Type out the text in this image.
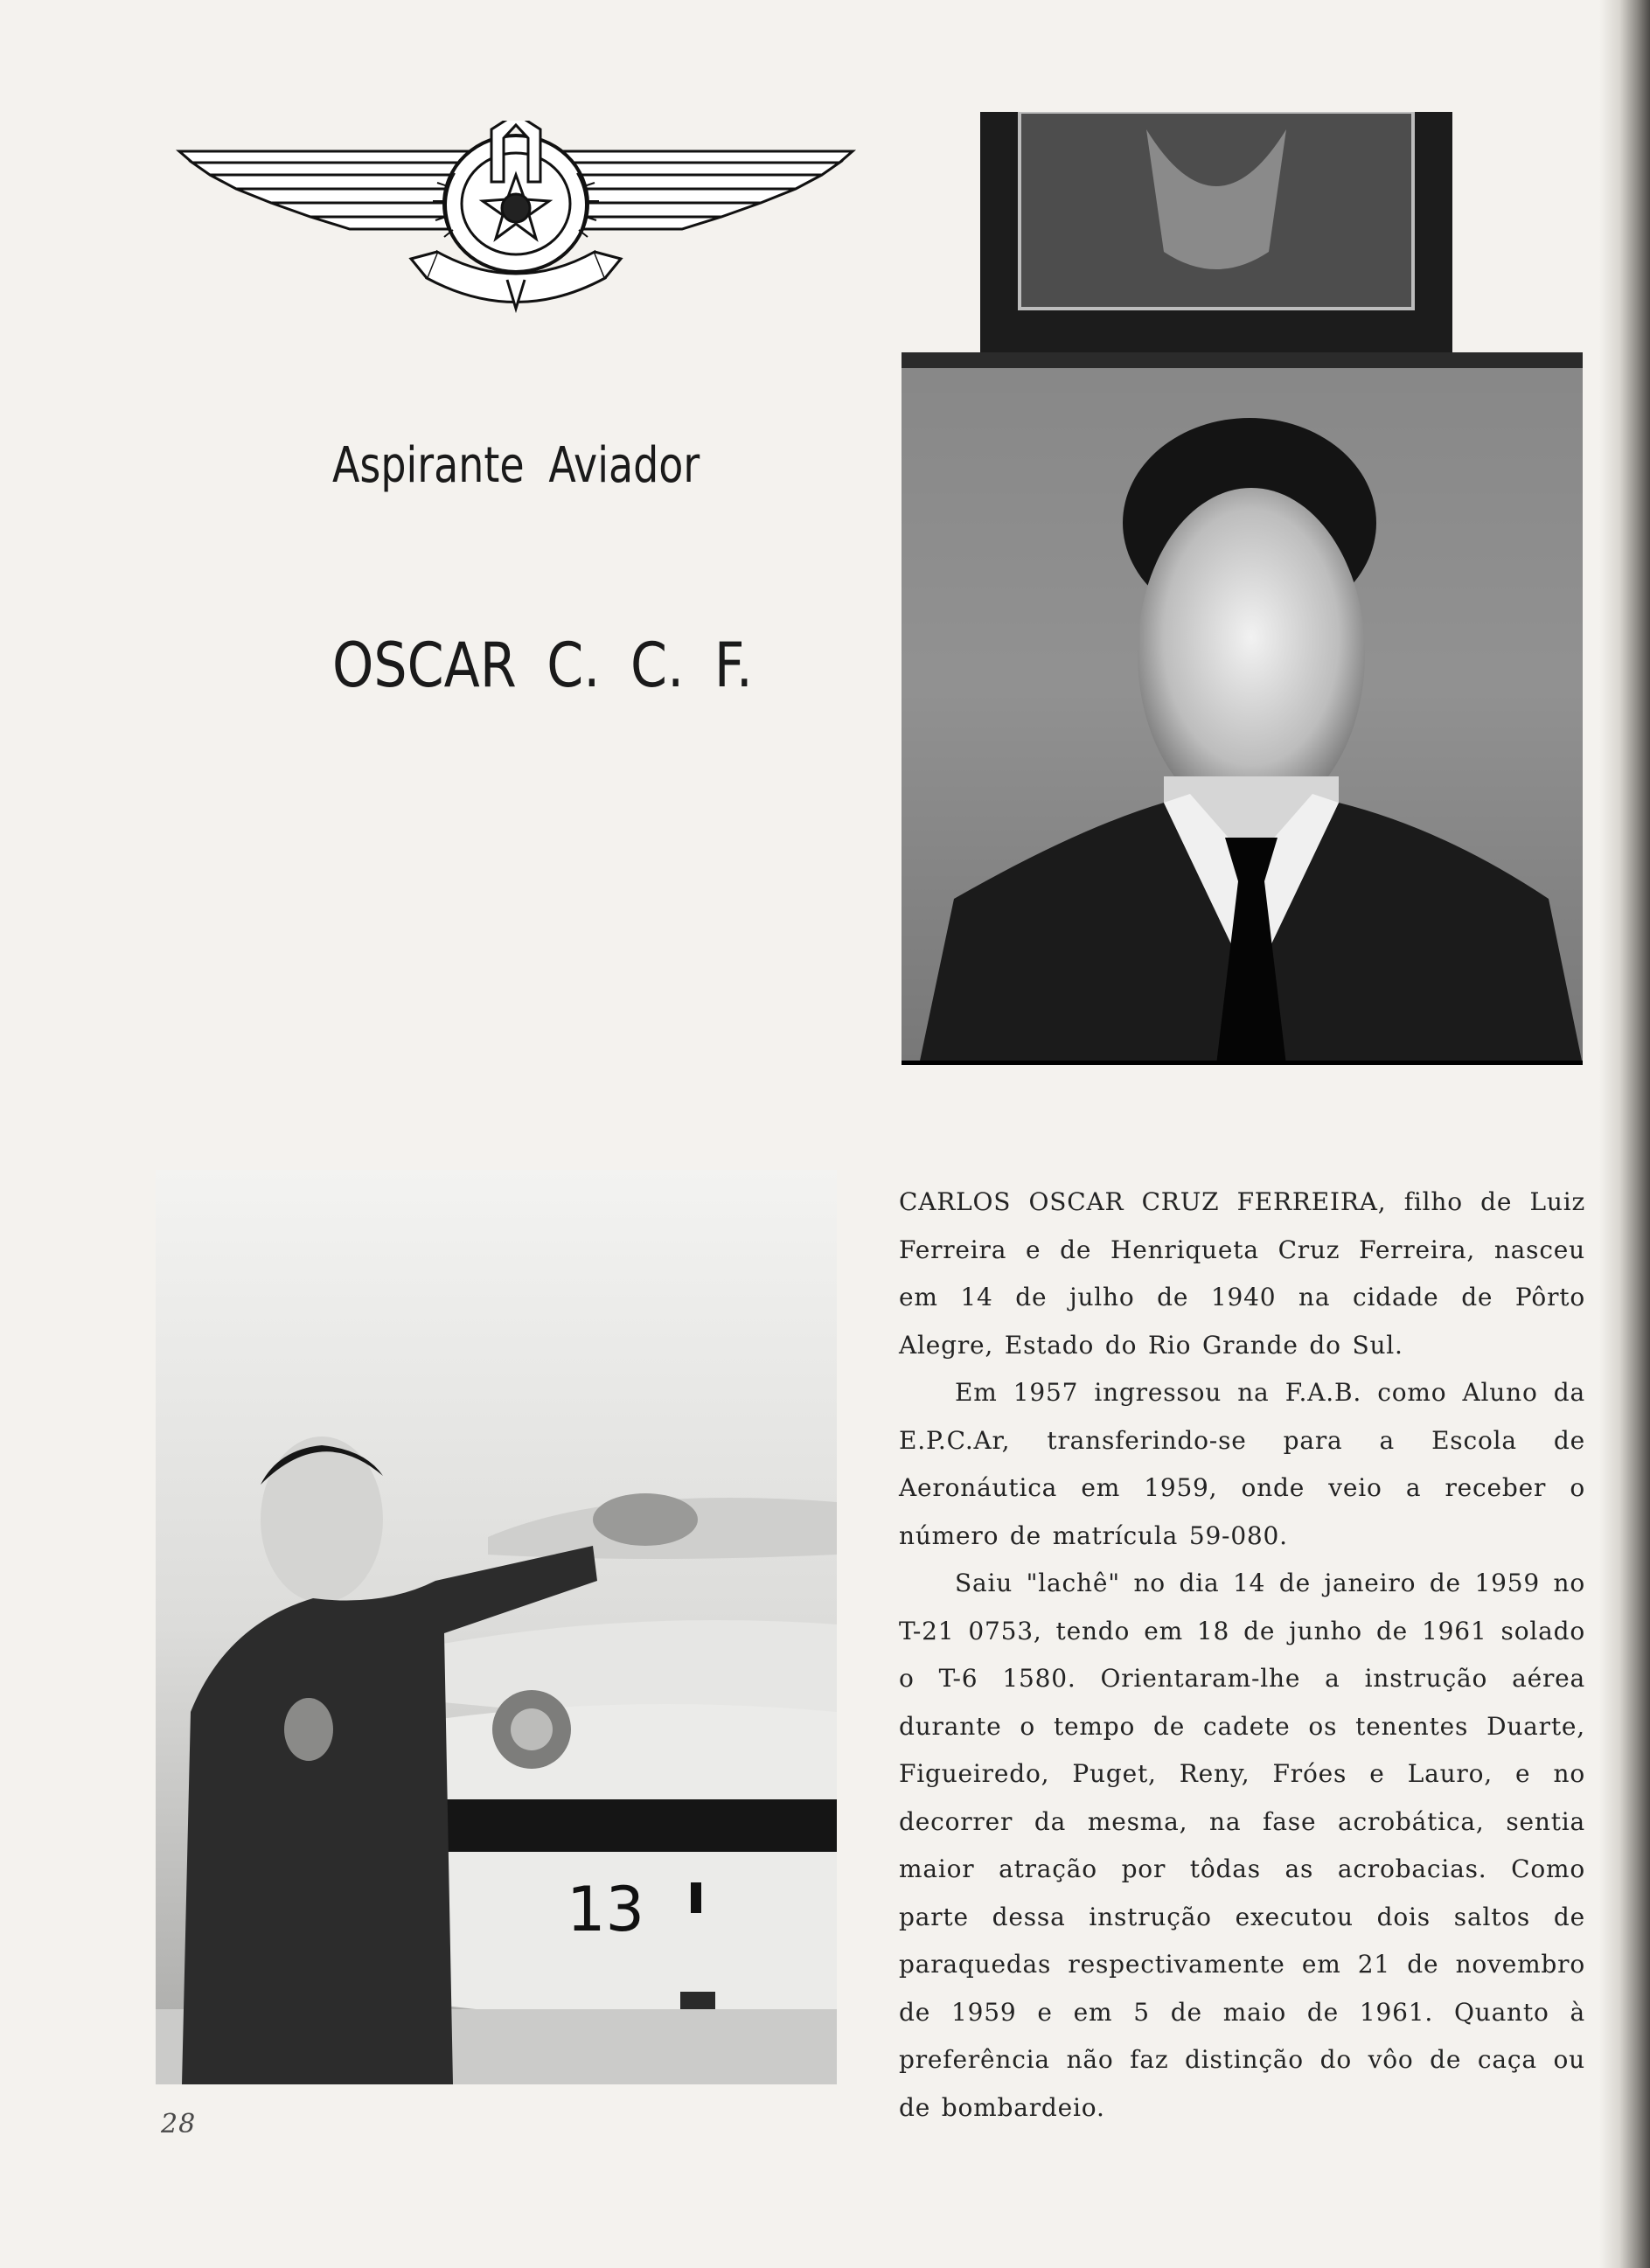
Aspirante Aviador
OSCAR C. C. F.
13

CARLOS OSCAR CRUZ FERREIRA, filho de Luiz Ferreira e de Henriqueta Cruz Ferreira, nasceu em 14 de julho de 1940 na cidade de Pôrto Alegre, Estado do Rio Grande do Sul.

Em 1957 ingressou na F.A.B. como Aluno da E.P.C.Ar, transferindo-se para a Escola de Aeronáutica em 1959, onde veio a receber o número de matrícula 59-080.

Saiu "lachê" no dia 14 de janeiro de 1959 no T-21 0753, tendo em 18 de junho de 1961 solado o T-6 1580. Orientaram-lhe a instrução aérea durante o tempo de cadete os tenentes Duarte, Figueiredo, Puget, Reny, Fróes e Lauro, e no decorrer da mesma, na fase acrobática, sentia maior atração por tôdas as acrobacias. Como parte dessa instrução executou dois saltos de paraquedas respectivamente em 21 de novembro de 1959 e em 5 de maio de 1961. Quanto à preferência não faz distinção do vôo de caça ou de bombardeio.

28
